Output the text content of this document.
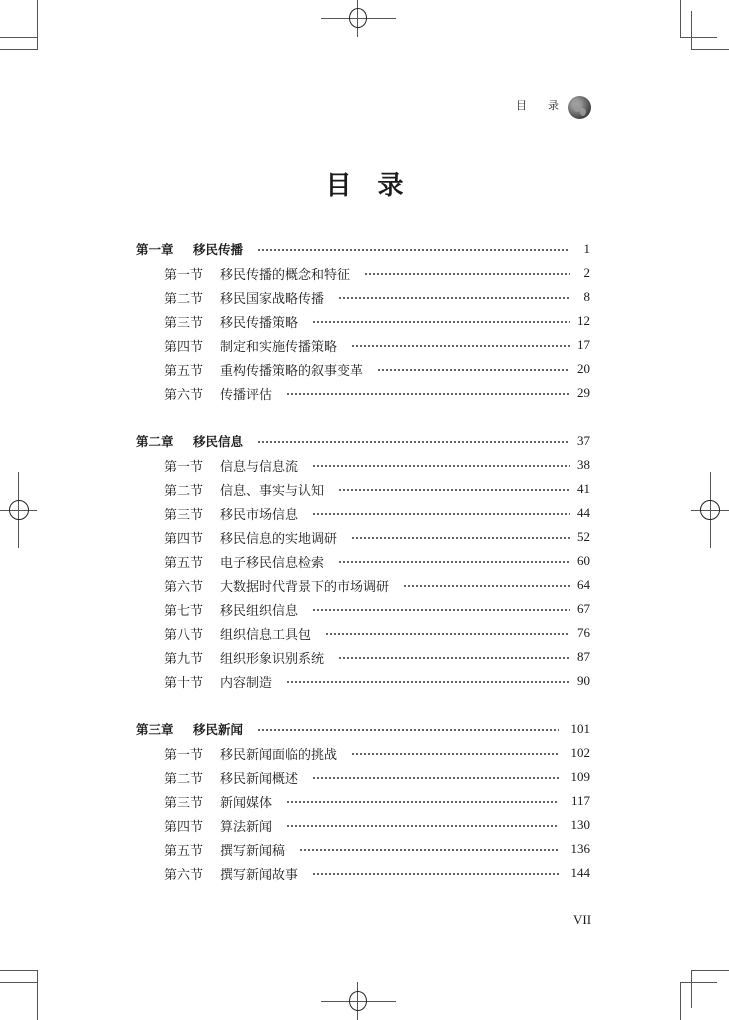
目 录
目录
第一章	移民传播	1
第一节	移民传播的概念和特征	2
第二节	移民国家战略传播	8
第三节	移民传播策略	12
第四节	制定和实施传播策略	17
第五节	重构传播策略的叙事变革	20
第六节	传播评估	29
第二章	移民信息	37
第一节	信息与信息流	38
第二节	信息、事实与认知	41
第三节	移民市场信息	44
第四节	移民信息的实地调研	52
第五节	电子移民信息检索	60
第六节	大数据时代背景下的市场调研	64
第七节	移民组织信息	67
第八节	组织信息工具包	76
第九节	组织形象识别系统	87
第十节	内容制造	90
第三章	移民新闻	101
第一节	移民新闻面临的挑战	102
第二节	移民新闻概述	109
第三节	新闻媒体	117
第四节	算法新闻	130
第五节	撰写新闻稿	136
第六节	撰写新闻故事	144
VII
